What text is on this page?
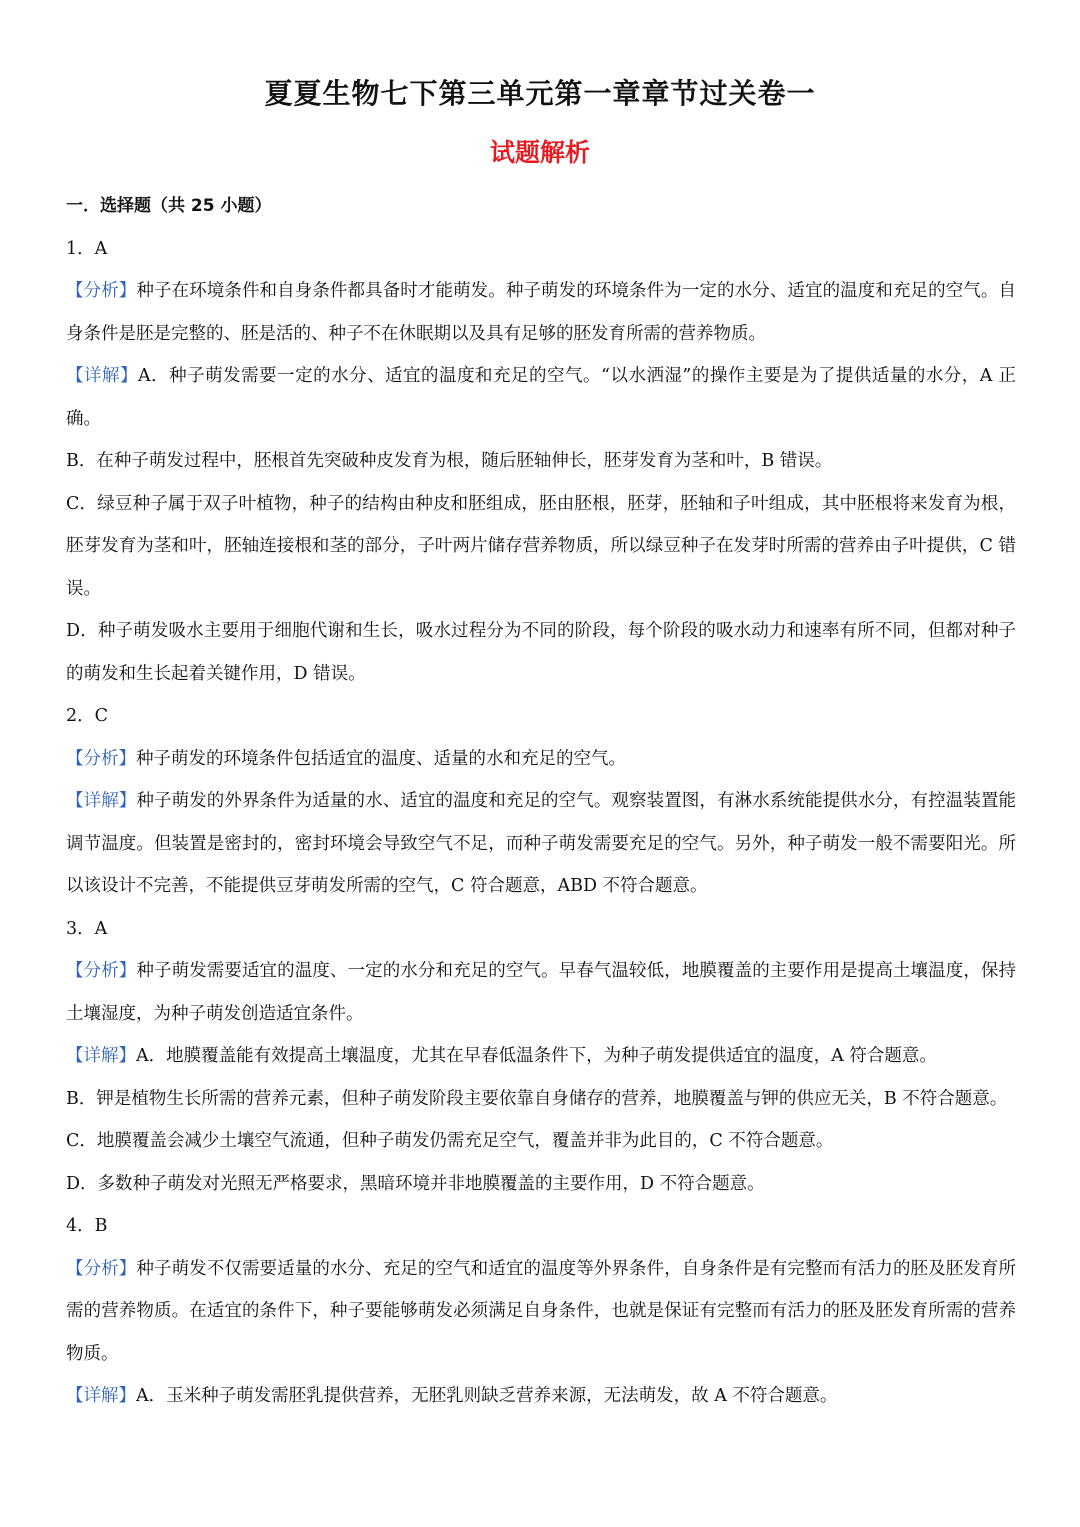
夏夏生物七下第三单元第一章章节过关卷一
试题解析

一．选择题（共 25 小题）

1．A

【分析】种子在环境条件和自身条件都具备时才能萌发。种子萌发的环境条件为一定的水分、适宜的温度和充足的空气。自身条件是胚是完整的、胚是活的、种子不在休眠期以及具有足够的胚发育所需的营养物质。

【详解】A．种子萌发需要一定的水分、适宜的温度和充足的空气。“以水洒湿”的操作主要是为了提供适量的水分，A 正确。

B．在种子萌发过程中，胚根首先突破种皮发育为根，随后胚轴伸长，胚芽发育为茎和叶，B 错误。

C．绿豆种子属于双子叶植物，种子的结构由种皮和胚组成，胚由胚根，胚芽，胚轴和子叶组成，其中胚根将来发育为根，胚芽发育为茎和叶，胚轴连接根和茎的部分，子叶两片储存营养物质，所以绿豆种子在发芽时所需的营养由子叶提供，C 错误。

D．种子萌发吸水主要用于细胞代谢和生长，吸水过程分为不同的阶段，每个阶段的吸水动力和速率有所不同，但都对种子的萌发和生长起着关键作用，D 错误。

2．C

【分析】种子萌发的环境条件包括适宜的温度、适量的水和充足的空气。

【详解】种子萌发的外界条件为适量的水、适宜的温度和充足的空气。观察装置图，有淋水系统能提供水分，有控温装置能调节温度。但装置是密封的，密封环境会导致空气不足，而种子萌发需要充足的空气。另外，种子萌发一般不需要阳光。所以该设计不完善，不能提供豆芽萌发所需的空气，C 符合题意，ABD 不符合题意。

3．A

【分析】种子萌发需要适宜的温度、一定的水分和充足的空气。早春气温较低，地膜覆盖的主要作用是提高土壤温度，保持土壤湿度，为种子萌发创造适宜条件。

【详解】A．地膜覆盖能有效提高土壤温度，尤其在早春低温条件下，为种子萌发提供适宜的温度，A 符合题意。

B．钾是植物生长所需的营养元素，但种子萌发阶段主要依靠自身储存的营养，地膜覆盖与钾的供应无关，B 不符合题意。

C．地膜覆盖会减少土壤空气流通，但种子萌发仍需充足空气，覆盖并非为此目的，C 不符合题意。

D．多数种子萌发对光照无严格要求，黑暗环境并非地膜覆盖的主要作用，D 不符合题意。

4．B

【分析】种子萌发不仅需要适量的水分、充足的空气和适宜的温度等外界条件，自身条件是有完整而有活力的胚及胚发育所需的营养物质。在适宜的条件下，种子要能够萌发必须满足自身条件，也就是保证有完整而有活力的胚及胚发育所需的营养物质。

【详解】A．玉米种子萌发需胚乳提供营养，无胚乳则缺乏营养来源，无法萌发，故 A 不符合题意。
